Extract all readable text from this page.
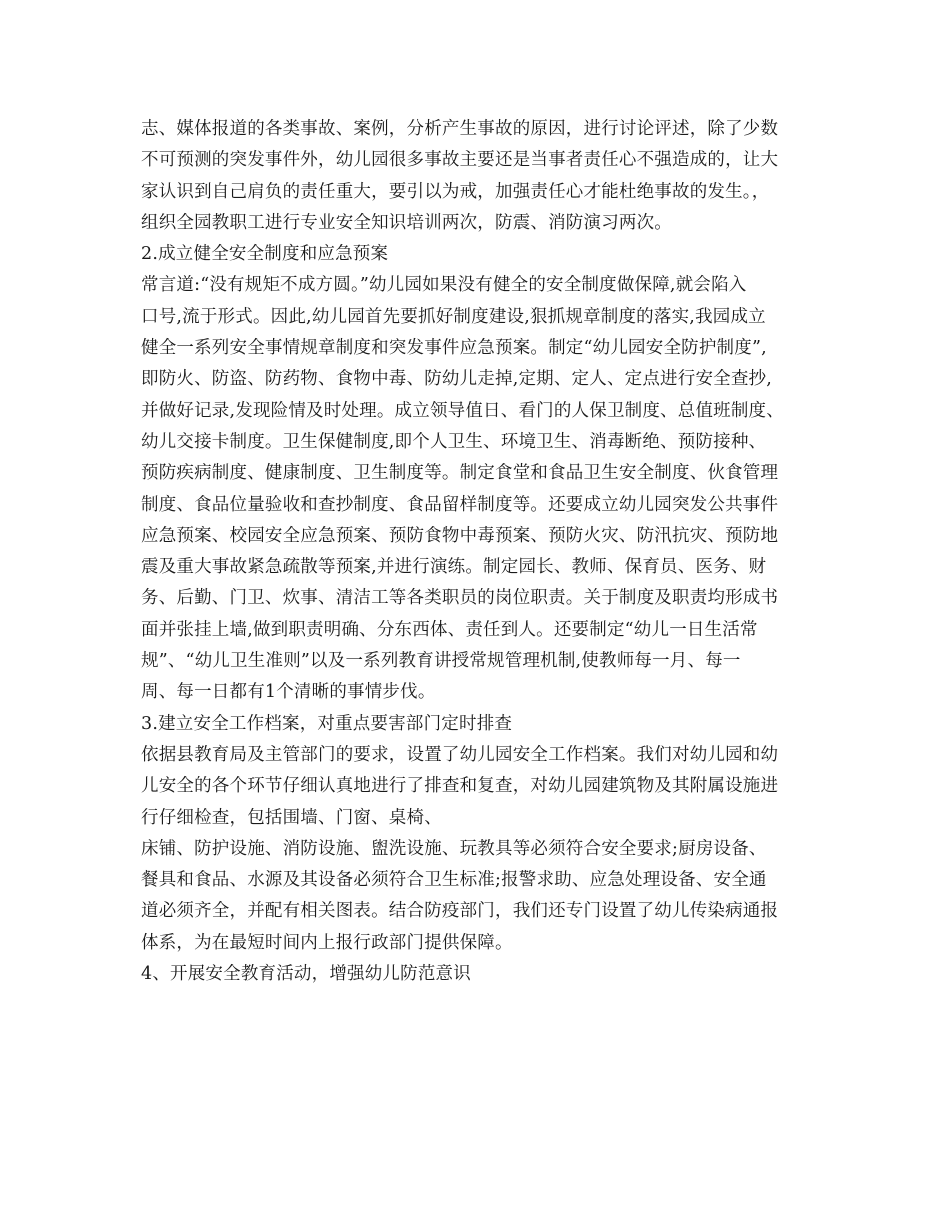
志、媒体报道的各类事故、案例，分析产生事故的原因，进行讨论评述，除了少数
不可预测的突发事件外，幼儿园很多事故主要还是当事者责任心不强造成的，让大
家认识到自己肩负的责任重大，要引以为戒，加强责任心才能杜绝事故的发生。，
组织全园教职工进行专业安全知识培训两次，防震、消防演习两次。
2.成立健全安全制度和应急预案
常言道:“没有规矩不成方圆。”幼儿园如果没有健全的安全制度做保障,就会陷入
口号,流于形式。因此,幼儿园首先要抓好制度建设,狠抓规章制度的落实,我园成立
健全一系列安全事情规章制度和突发事件应急预案。制定“幼儿园安全防护制度”,
即防火、防盗、防药物、食物中毒、防幼儿走掉,定期、定人、定点进行安全查抄,
并做好记录,发现险情及时处理。成立领导值日、看门的人保卫制度、总值班制度、
幼儿交接卡制度。卫生保健制度,即个人卫生、环境卫生、消毒断绝、预防接种、
预防疾病制度、健康制度、卫生制度等。制定食堂和食品卫生安全制度、伙食管理
制度、食品位量验收和查抄制度、食品留样制度等。还要成立幼儿园突发公共事件
应急预案、校园安全应急预案、预防食物中毒预案、预防火灾、防汛抗灾、预防地
震及重大事故紧急疏散等预案,并进行演练。制定园长、教师、保育员、医务、财
务、后勤、门卫、炊事、清洁工等各类职员的岗位职责。关于制度及职责均形成书
面并张挂上墙,做到职责明确、分东西体、责任到人。还要制定“幼儿一日生活常
规”、“幼儿卫生准则”以及一系列教育讲授常规管理机制,使教师每一月、每一
周、每一日都有1个清晰的事情步伐。
3.建立安全工作档案，对重点要害部门定时排查
依据县教育局及主管部门的要求，设置了幼儿园安全工作档案。我们对幼儿园和幼
儿安全的各个环节仔细认真地进行了排查和复查，对幼儿园建筑物及其附属设施进
行仔细检查，包括围墙、门窗、桌椅、
床铺、防护设施、消防设施、盥洗设施、玩教具等必须符合安全要求;厨房设备、
餐具和食品、水源及其设备必须符合卫生标准;报警求助、应急处理设备、安全通
道必须齐全，并配有相关图表。结合防疫部门，我们还专门设置了幼儿传染病通报
体系，为在最短时间内上报行政部门提供保障。
4、开展安全教育活动，增强幼儿防范意识
